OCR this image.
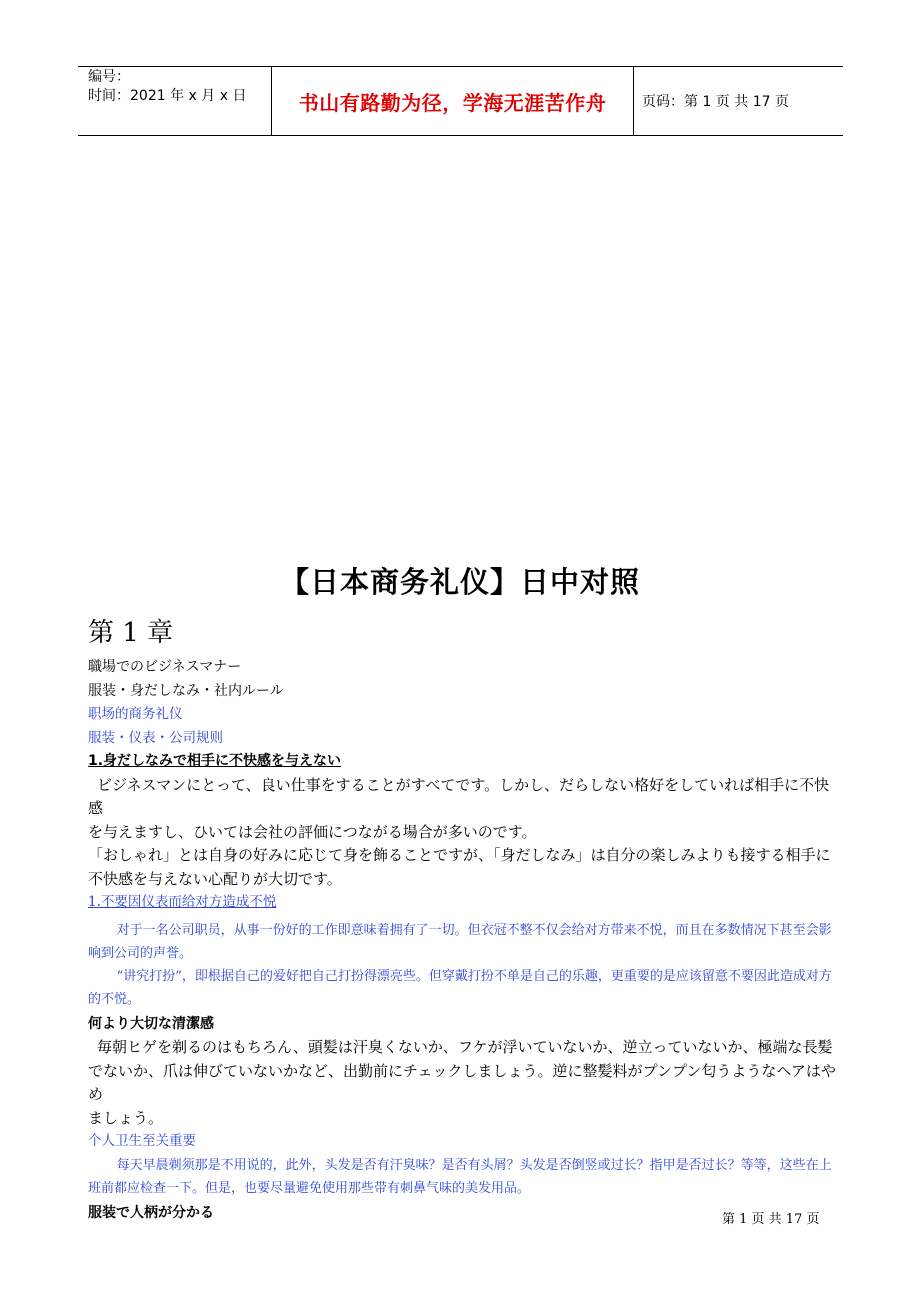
编号：
时间：2021 年 x 月 x 日	书山有路勤为径，学海无涯苦作舟	页码：第 1 页 共 17 页
【日本商务礼仪】日中对照
第 1 章

職場でのビジネスマナー

服装・身だしなみ・社内ルール

职场的商务礼仪

服装・仪表・公司规则

1.身だしなみで相手に不快感を与えない

ビジネスマンにとって、良い仕事をすることがすべてです。しかし、だらしない格好をしていれば相手に不快感

を与えますし、ひいては会社の評価につながる場合が多いのです。

「おしゃれ」とは自身の好みに応じて身を飾ることですが、「身だしなみ」は自分の楽しみよりも接する相手に

不快感を与えない心配りが大切です。

1.不要因仪表而给对方造成不悦

对于一名公司职员，从事一份好的工作即意味着拥有了一切。但衣冠不整不仅会给对方带来不悦，而且在多数情况下甚至会影响到公司的声誉。

“讲究打扮”，即根据自己的爱好把自己打扮得漂亮些。但穿戴打扮不单是自己的乐趣，更重要的是应该留意不要因此造成对方的不悦。

何より大切な清潔感

毎朝ヒゲを剃るのはもちろん、頭髪は汗臭くないか、フケが浮いていないか、逆立っていないか、極端な長髪

でないか、爪は伸びていないかなど、出勤前にチェックしましょう。逆に整髪料がプンプン匂うようなヘアはやめ

ましょう。

个人卫生至关重要

每天早晨剃须那是不用说的，此外，头发是否有汗臭味？是否有头屑？头发是否倒竖或过长？指甲是否过长？等等，这些在上班前都应检查一下。但是，也要尽量避免使用那些带有刺鼻气味的美发用品。

服装で人柄が分かる	第 1 页 共 17 页
